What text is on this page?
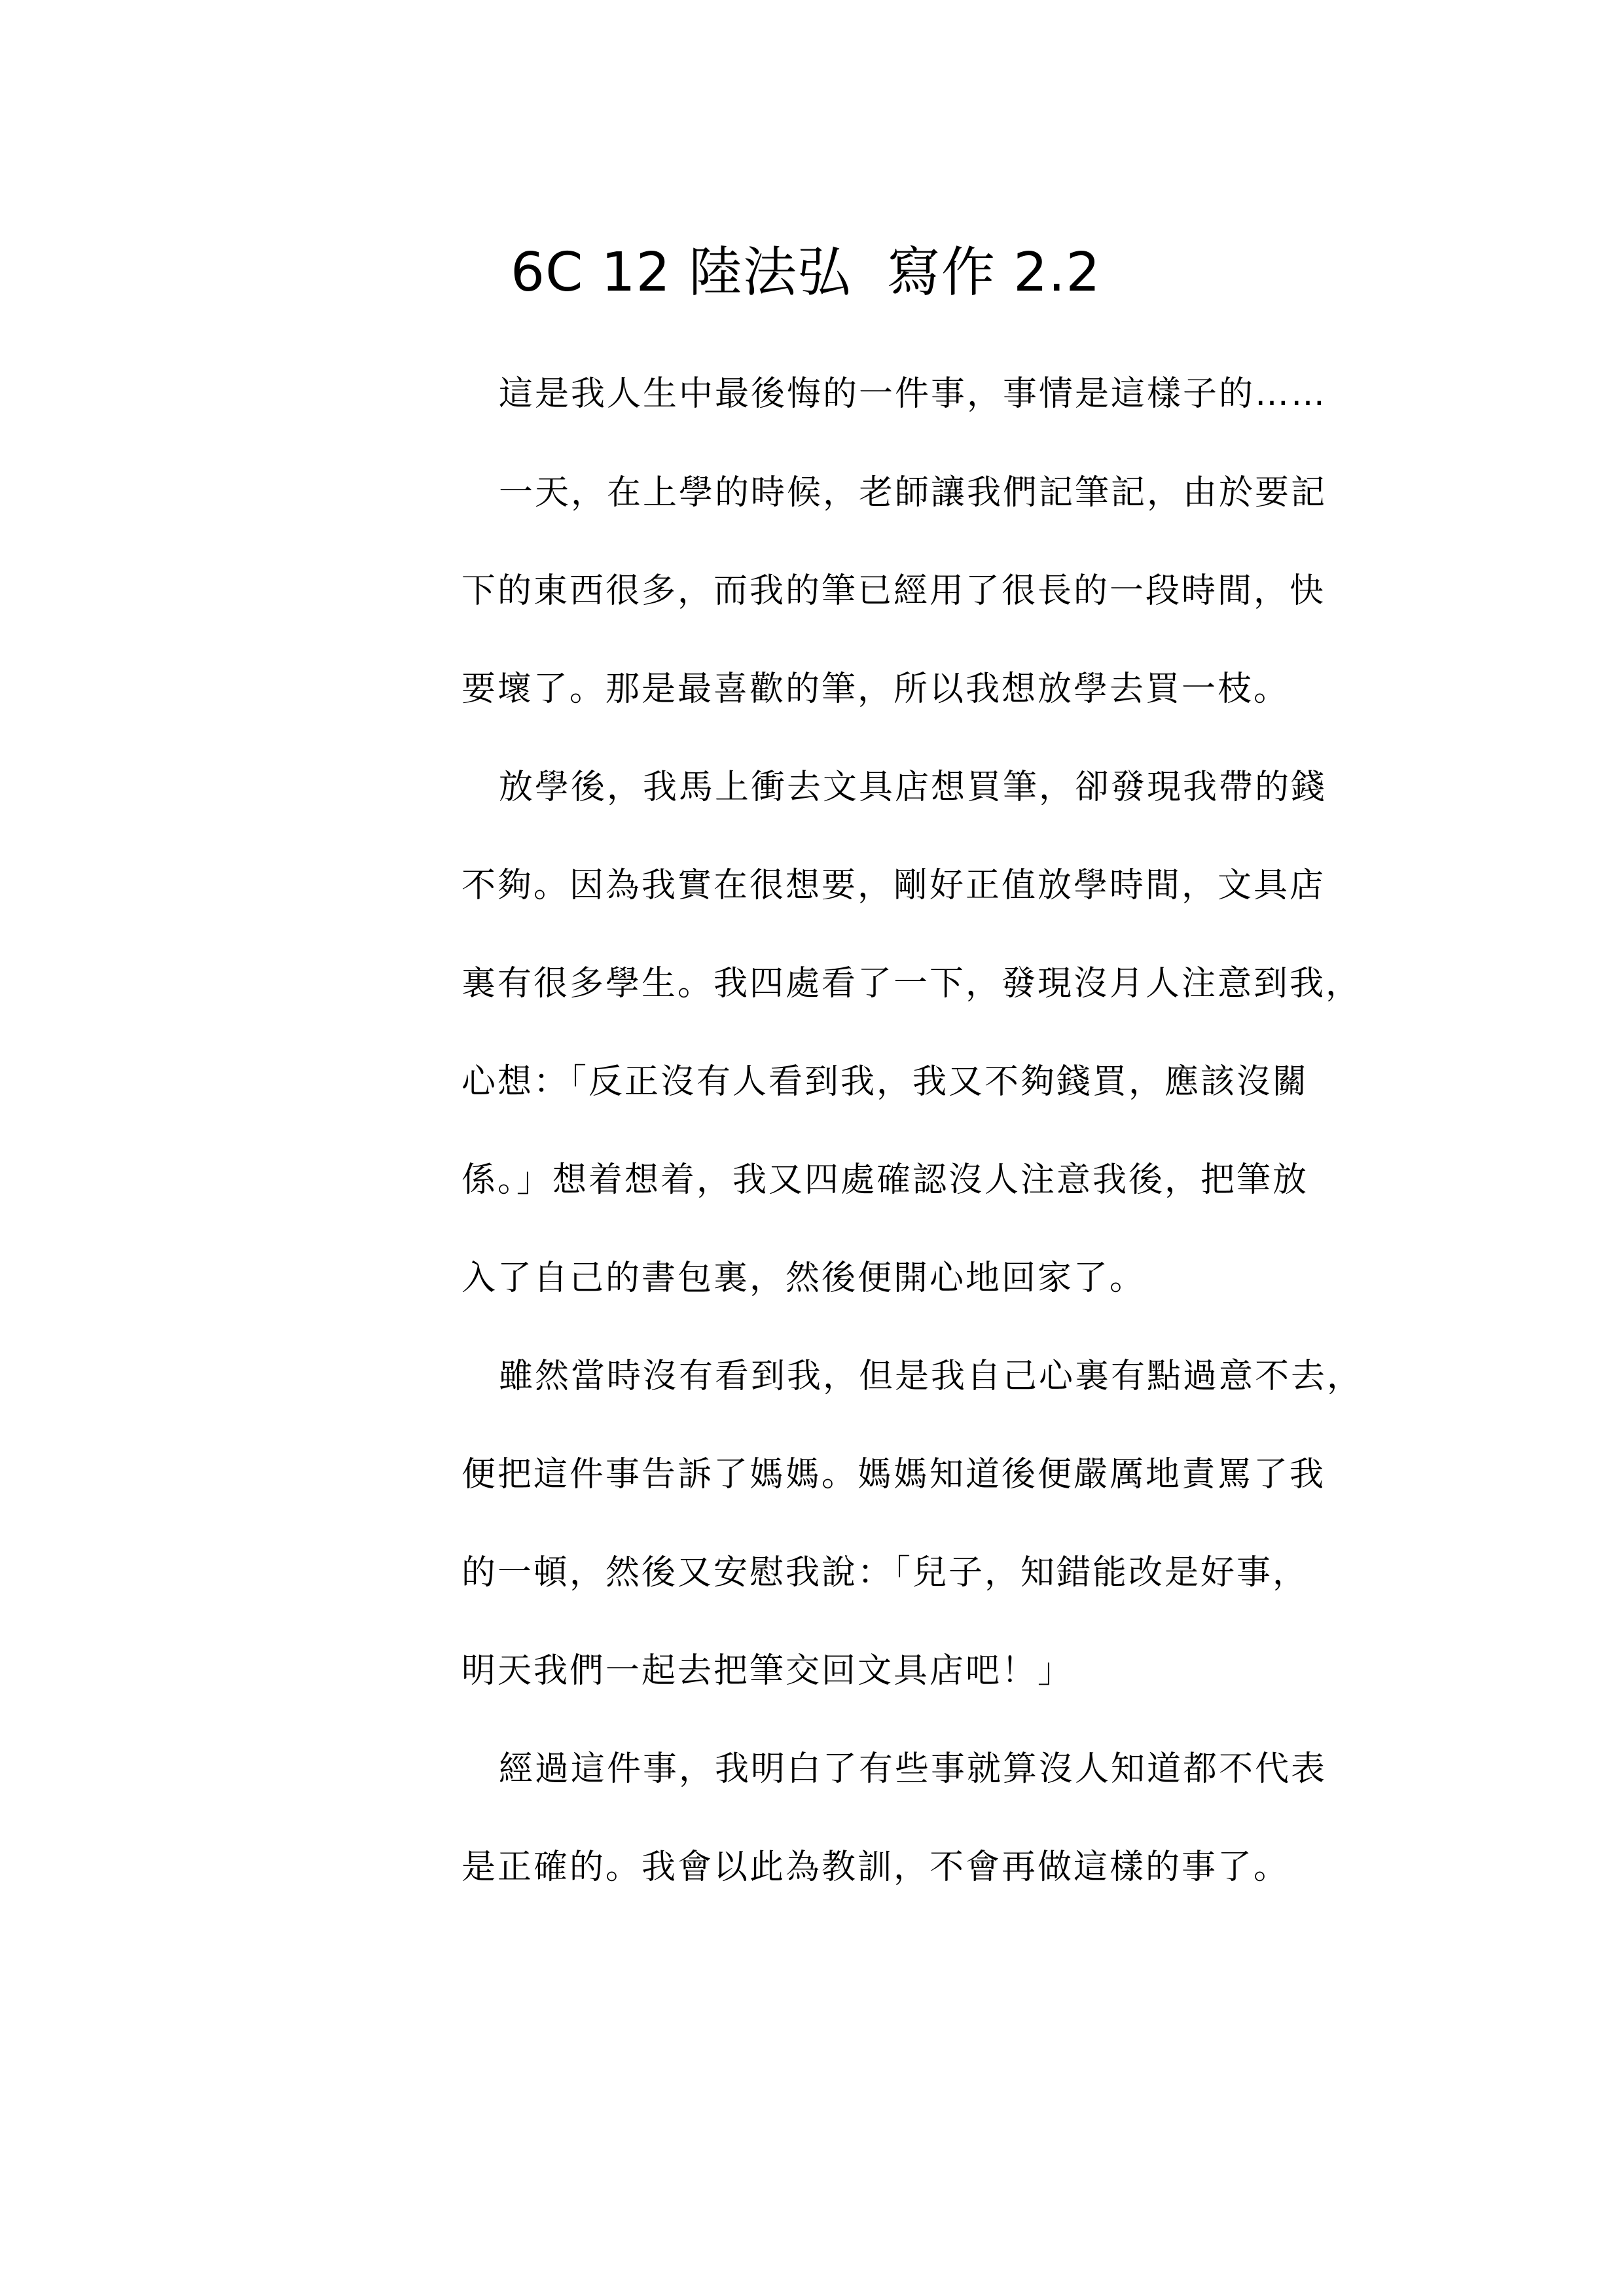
6C 12 陸法弘  寫作 2.2
這是我人生中最後悔的一件事，事情是這樣子的……
一天，在上學的時候，老師讓我們記筆記，由於要記
下的東西很多，而我的筆已經用了很長的一段時間，快
要壞了。那是最喜歡的筆，所以我想放學去買一枝。
放學後，我馬上衝去文具店想買筆，卻發現我帶的錢
不夠。因為我實在很想要，剛好正值放學時間，文具店
裏有很多學生。我四處看了一下，發現沒月人注意到我，
心想：「反正沒有人看到我，我又不夠錢買，應該沒關
係。」想着想着，我又四處確認沒人注意我後，把筆放
入了自己的書包裏，然後便開心地回家了。
雖然當時沒有看到我，但是我自己心裏有點過意不去，
便把這件事告訴了媽媽。媽媽知道後便嚴厲地責罵了我
的一頓，然後又安慰我說：「兒子，知錯能改是好事，
明天我們一起去把筆交回文具店吧！」
經過這件事，我明白了有些事就算沒人知道都不代表
是正確的。我會以此為教訓，不會再做這樣的事了。
